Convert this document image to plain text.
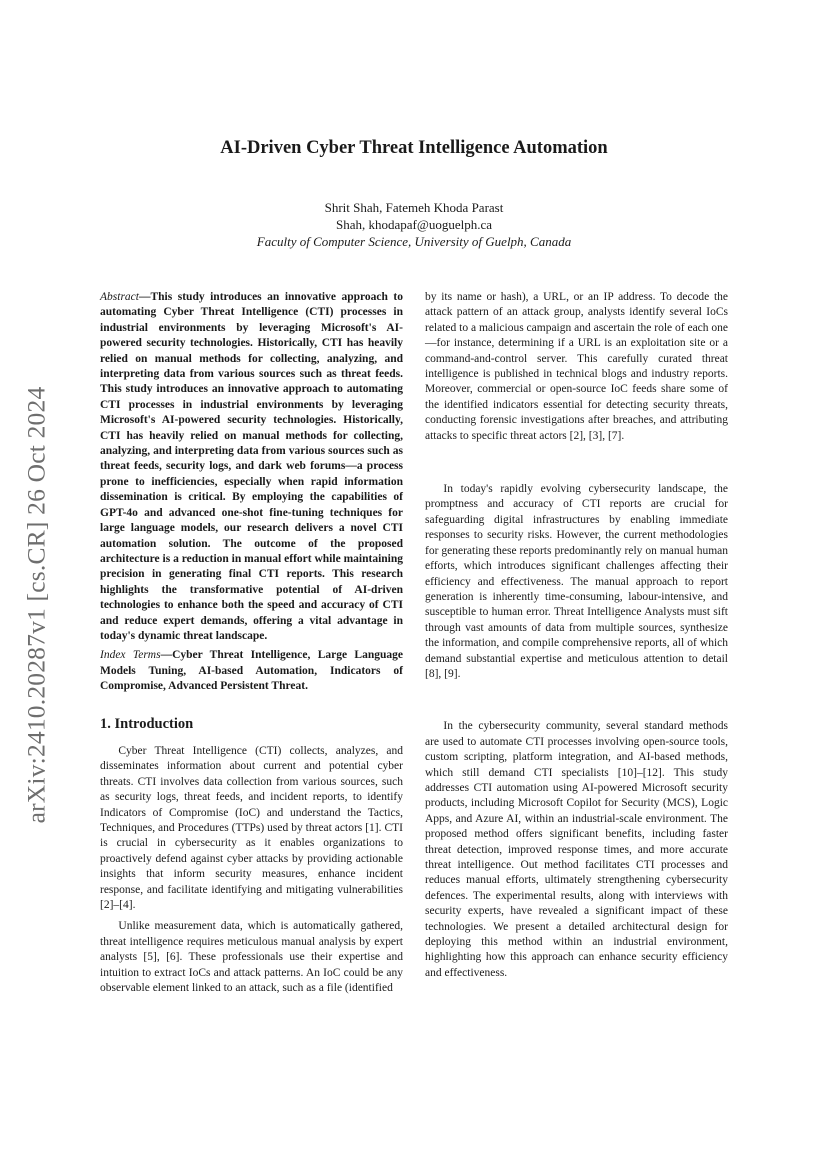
arXiv:2410.20287v1 [cs.CR] 26 Oct 2024
AI-Driven Cyber Threat Intelligence Automation
Shrit Shah, Fatemeh Khoda Parast
Shah, khodapaf@uoguelph.ca
Faculty of Computer Science, University of Guelph, Canada

Abstract—This study introduces an innovative approach to automating Cyber Threat Intelligence (CTI) processes in industrial environments by leveraging Microsoft's AI-powered security technologies. Historically, CTI has heavily relied on manual methods for collecting, analyzing, and interpreting data from various sources such as threat feeds. This study introduces an innovative approach to automating CTI processes in industrial environments by leveraging Microsoft's AI-powered security technologies. Historically, CTI has heavily relied on manual methods for collecting, analyzing, and interpreting data from various sources such as threat feeds, security logs, and dark web forums—a process prone to inefficiencies, especially when rapid information dissemination is critical. By employing the capabilities of GPT-4o and advanced one-shot fine-tuning techniques for large language models, our research delivers a novel CTI automation solution. The outcome of the proposed architecture is a reduction in manual effort while maintaining precision in generating final CTI reports. This research highlights the transformative potential of AI-driven technologies to enhance both the speed and accuracy of CTI and reduce expert demands, offering a vital advantage in today's dynamic threat landscape.

Index Terms—Cyber Threat Intelligence, Large Language Models Tuning, AI-based Automation, Indicators of Compromise, Advanced Persistent Threat.

1. Introduction

Cyber Threat Intelligence (CTI) collects, analyzes, and disseminates information about current and potential cyber threats. CTI involves data collection from various sources, such as security logs, threat feeds, and incident reports, to identify Indicators of Compromise (IoC) and understand the Tactics, Techniques, and Procedures (TTPs) used by threat actors [1]. CTI is crucial in cybersecurity as it enables organizations to proactively defend against cyber attacks by providing actionable insights that inform security measures, enhance incident response, and facilitate identifying and mitigating vulnerabilities [2]–[4].

Unlike measurement data, which is automatically gathered, threat intelligence requires meticulous manual analysis by expert analysts [5], [6]. These professionals use their expertise and intuition to extract IoCs and attack patterns. An IoC could be any observable element linked to an attack, such as a file (identified

by its name or hash), a URL, or an IP address. To decode the attack pattern of an attack group, analysts identify several IoCs related to a malicious campaign and ascertain the role of each one—for instance, determining if a URL is an exploitation site or a command-and-control server. This carefully curated threat intelligence is published in technical blogs and industry reports. Moreover, commercial or open-source IoC feeds share some of the identified indicators essential for detecting security threats, conducting forensic investigations after breaches, and attributing attacks to specific threat actors [2], [3], [7].

In today's rapidly evolving cybersecurity landscape, the promptness and accuracy of CTI reports are crucial for safeguarding digital infrastructures by enabling immediate responses to security risks. However, the current methodologies for generating these reports predominantly rely on manual human efforts, which introduces significant challenges affecting their efficiency and effectiveness. The manual approach to report generation is inherently time-consuming, labour-intensive, and susceptible to human error. Threat Intelligence Analysts must sift through vast amounts of data from multiple sources, synthesize the information, and compile comprehensive reports, all of which demand substantial expertise and meticulous attention to detail [8], [9].

In the cybersecurity community, several standard methods are used to automate CTI processes involving open-source tools, custom scripting, platform integration, and AI-based methods, which still demand CTI specialists [10]–[12]. This study addresses CTI automation using AI-powered Microsoft security products, including Microsoft Copilot for Security (MCS), Logic Apps, and Azure AI, within an industrial-scale environment. The proposed method offers significant benefits, including faster threat detection, improved response times, and more accurate threat intelligence. Out method facilitates CTI processes and reduces manual efforts, ultimately strengthening cybersecurity defences. The experimental results, along with interviews with security experts, have revealed a significant impact of these technologies. We present a detailed architectural design for deploying this method within an industrial environment, highlighting how this approach can enhance security efficiency and effectiveness.
